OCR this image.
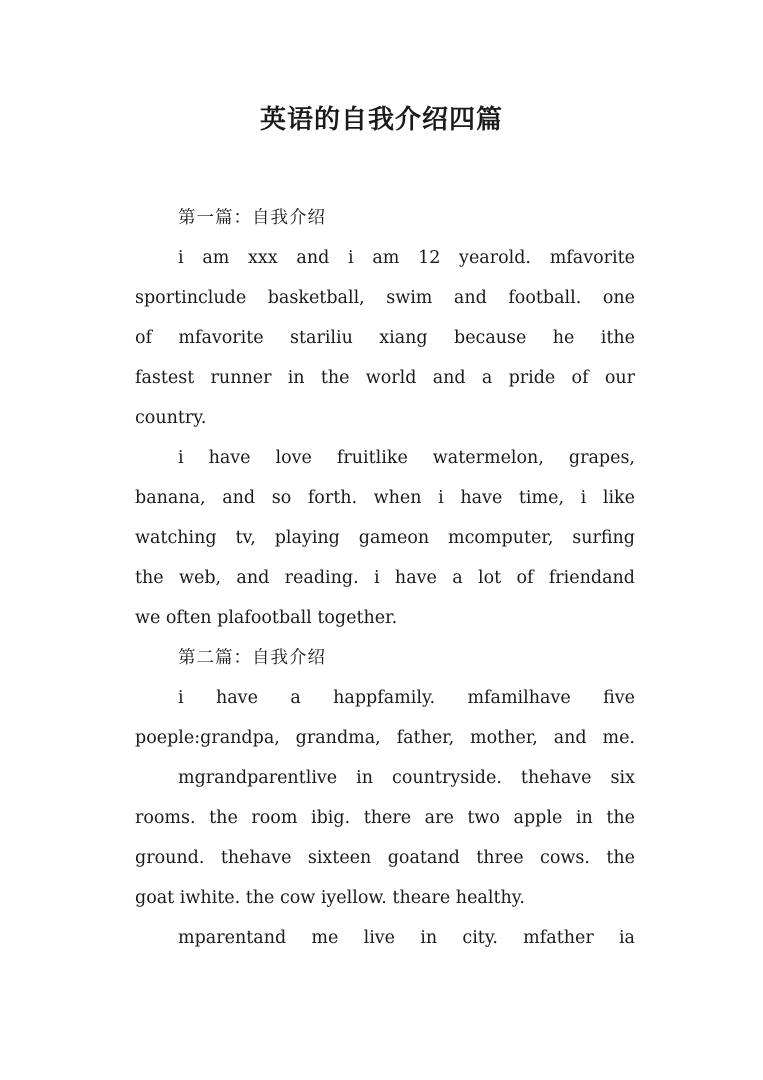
英语的自我介绍四篇
第一篇：自我介绍
i am xxx and i am 12 yearold. mfavorite
sportinclude basketball, swim and football. one
of mfavorite stariliu xiang because he ithe
fastest runner in the world and a pride of our
country.
i have love fruitlike watermelon, grapes,
banana, and so forth. when i have time, i like
watching tv, playing gameon mcomputer, surfing
the web, and reading. i have a lot of friendand
we often plafootball together.
第二篇：自我介绍
i have a happfamily. mfamilhave five
poeple:grandpa, grandma, father, mother, and me.
mgrandparentlive in countryside. thehave six
rooms. the room ibig. there are two apple in the
ground. thehave sixteen goatand three cows. the
goat iwhite. the cow iyellow. theare healthy.
mparentand me live in city. mfather ia
